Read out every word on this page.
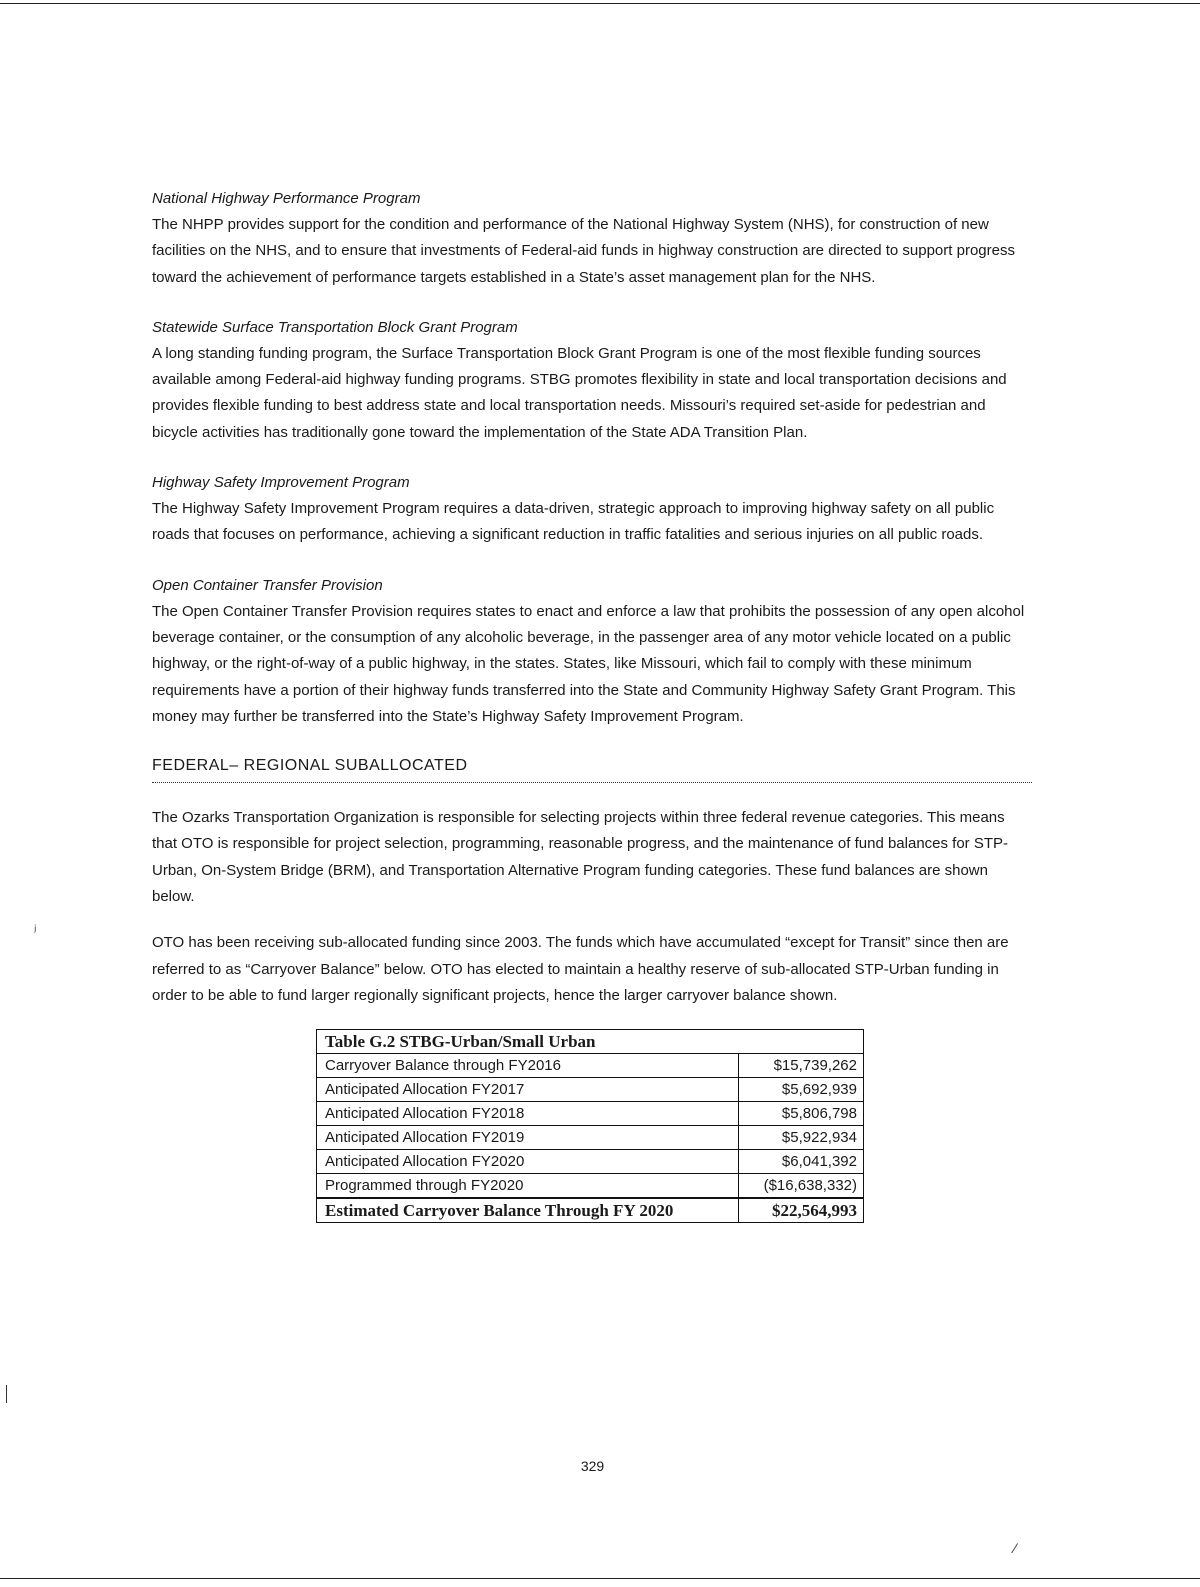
National Highway Performance Program

The NHPP provides support for the condition and performance of the National Highway System (NHS), for construction of new facilities on the NHS, and to ensure that investments of Federal-aid funds in highway construction are directed to support progress toward the achievement of performance targets established in a State’s asset management plan for the NHS.

Statewide Surface Transportation Block Grant Program

A long standing funding program, the Surface Transportation Block Grant Program is one of the most flexible funding sources available among Federal-aid highway funding programs. STBG promotes flexibility in state and local transportation decisions and provides flexible funding to best address state and local transportation needs. Missouri’s required set-aside for pedestrian and bicycle activities has traditionally gone toward the implementation of the State ADA Transition Plan.

Highway Safety Improvement Program

The Highway Safety Improvement Program requires a data-driven, strategic approach to improving highway safety on all public roads that focuses on performance, achieving a significant reduction in traffic fatalities and serious injuries on all public roads.

Open Container Transfer Provision

The Open Container Transfer Provision requires states to enact and enforce a law that prohibits the possession of any open alcohol beverage container, or the consumption of any alcoholic beverage, in the passenger area of any motor vehicle located on a public highway, or the right-of-way of a public highway, in the states. States, like Missouri, which fail to comply with these minimum requirements have a portion of their highway funds transferred into the State and Community Highway Safety Grant Program. This money may further be transferred into the State’s Highway Safety Improvement Program.

FEDERAL– REGIONAL SUBALLOCATED

The Ozarks Transportation Organization is responsible for selecting projects within three federal revenue categories. This means that OTO is responsible for project selection, programming, reasonable progress, and the maintenance of fund balances for STP-Urban, On-System Bridge (BRM), and Transportation Alternative Program funding categories. These fund balances are shown below.

OTO has been receiving sub-allocated funding since 2003. The funds which have accumulated “except for Transit” since then are referred to as “Carryover Balance” below. OTO has elected to maintain a healthy reserve of sub-allocated STP-Urban funding in order to be able to fund larger regionally significant projects, hence the larger carryover balance shown.

Table G.2 STBG-Urban/Small Urban	
Carryover Balance through FY2016	$15,739,262
Anticipated Allocation FY2017	$5,692,939
Anticipated Allocation FY2018	$5,806,798
Anticipated Allocation FY2019	$5,922,934
Anticipated Allocation FY2020	$6,041,392
Programmed through FY2020	($16,638,332)
Estimated Carryover Balance Through FY 2020	$22,564,993
ⱼ
∕
329
